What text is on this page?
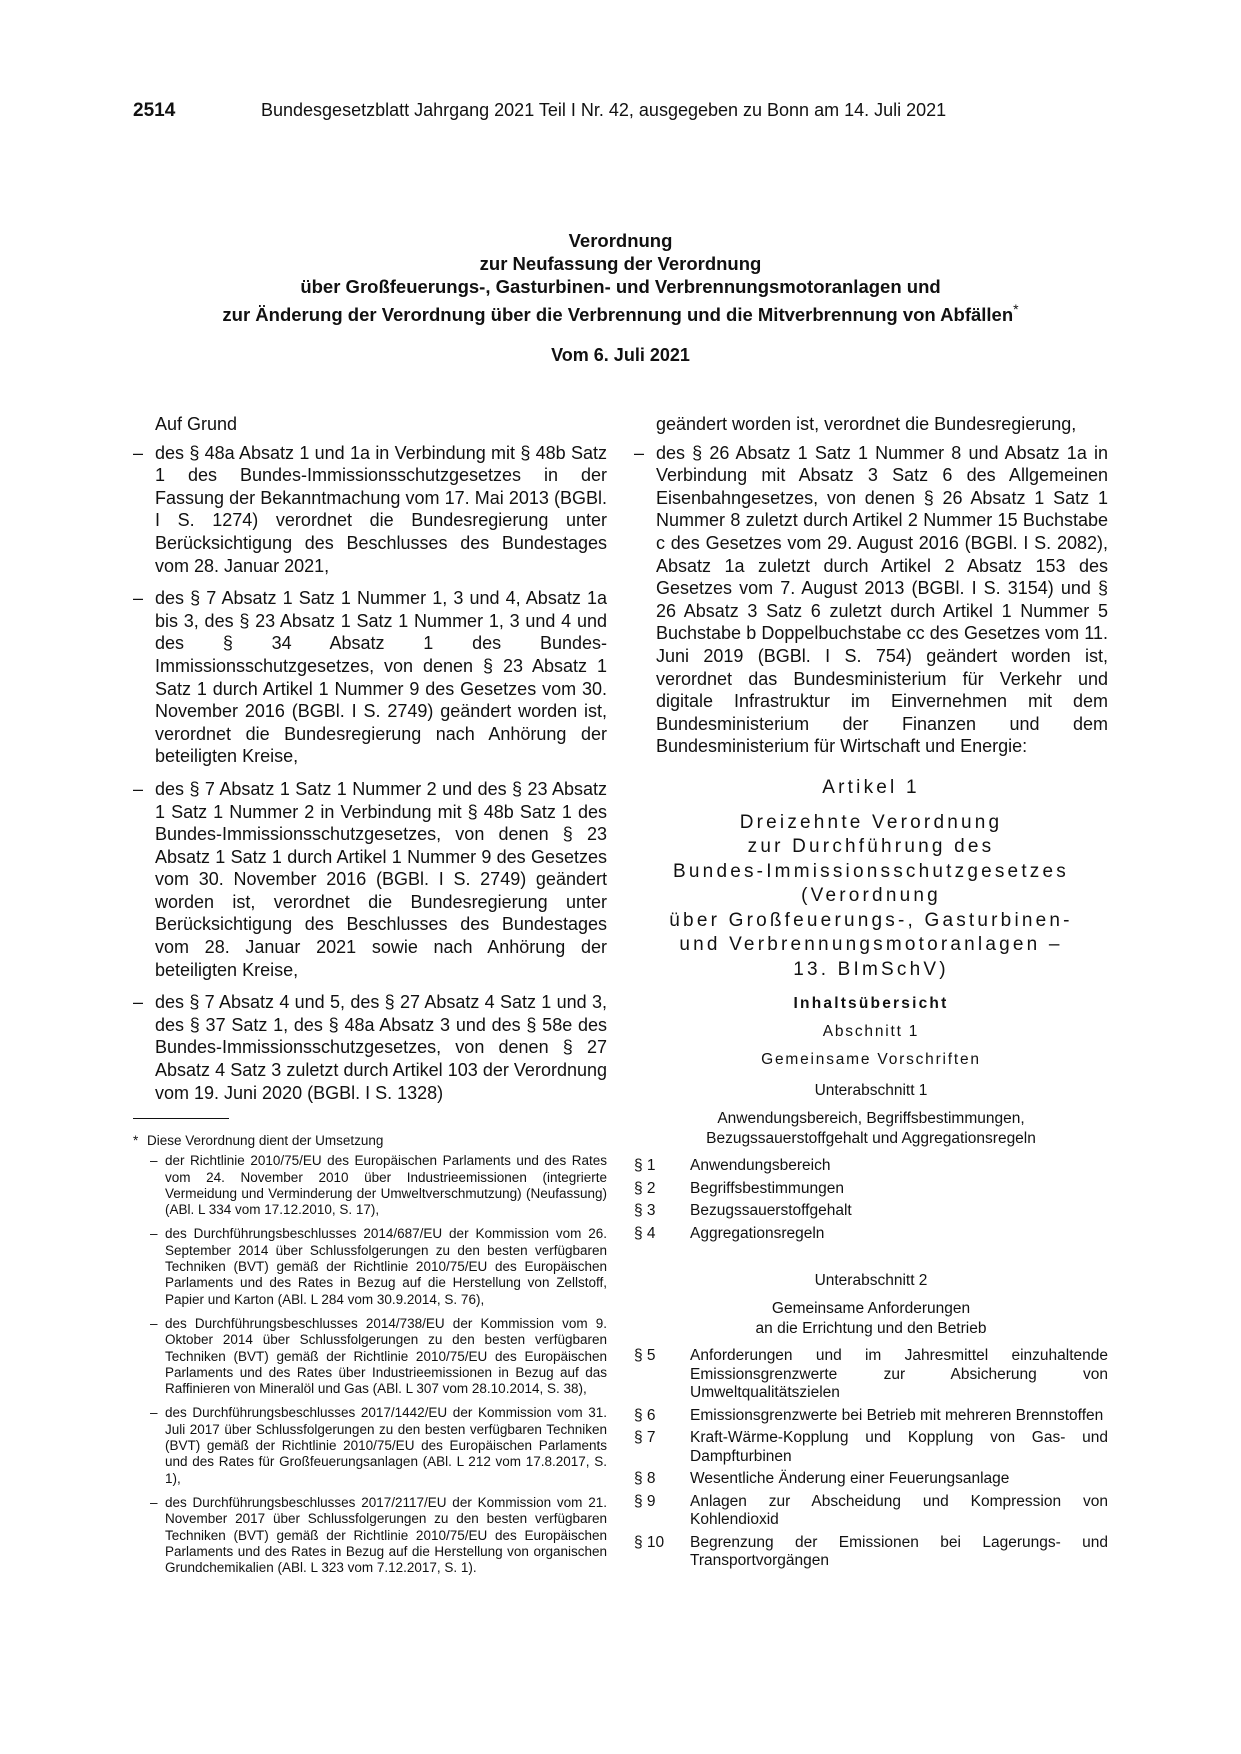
2514	Bundesgesetzblatt Jahrgang 2021 Teil I Nr. 42, ausgegeben zu Bonn am 14. Juli 2021
Verordnung
zur Neufassung der Verordnung
über Großfeuerungs-, Gasturbinen- und Verbrennungsmotoranlagen und
zur Änderung der Verordnung über die Verbrennung und die Mitverbrennung von Abfällen*
Vom 6. Juli 2021
Auf Grund
– des § 48a Absatz 1 und 1a in Verbindung mit § 48b Satz 1 des Bundes-Immissionsschutzgesetzes in der Fassung der Bekanntmachung vom 17. Mai 2013 (BGBl. I S. 1274) verordnet die Bundesregierung unter Berücksichtigung des Beschlusses des Bundestages vom 28. Januar 2021,
– des § 7 Absatz 1 Satz 1 Nummer 1, 3 und 4, Absatz 1a bis 3, des § 23 Absatz 1 Satz 1 Nummer 1, 3 und 4 und des § 34 Absatz 1 des Bundes-Immissionsschutzgesetzes, von denen § 23 Absatz 1 Satz 1 durch Artikel 1 Nummer 9 des Gesetzes vom 30. November 2016 (BGBl. I S. 2749) geändert worden ist, verordnet die Bundesregierung nach Anhörung der beteiligten Kreise,
– des § 7 Absatz 1 Satz 1 Nummer 2 und des § 23 Absatz 1 Satz 1 Nummer 2 in Verbindung mit § 48b Satz 1 des Bundes-Immissionsschutzgesetzes, von denen § 23 Absatz 1 Satz 1 durch Artikel 1 Nummer 9 des Gesetzes vom 30. November 2016 (BGBl. I S. 2749) geändert worden ist, verordnet die Bundesregierung unter Berücksichtigung des Beschlusses des Bundestages vom 28. Januar 2021 sowie nach Anhörung der beteiligten Kreise,
– des § 7 Absatz 4 und 5, des § 27 Absatz 4 Satz 1 und 3, des § 37 Satz 1, des § 48a Absatz 3 und des § 58e des Bundes-Immissionsschutzgesetzes, von denen § 27 Absatz 4 Satz 3 zuletzt durch Artikel 103 der Verordnung vom 19. Juni 2020 (BGBl. I S. 1328)
* Diese Verordnung dient der Umsetzung
– der Richtlinie 2010/75/EU des Europäischen Parlaments und des Rates vom 24. November 2010 über Industrieemissionen (integrierte Vermeidung und Verminderung der Umweltverschmutzung) (Neufassung) (ABl. L 334 vom 17.12.2010, S. 17),
– des Durchführungsbeschlusses 2014/687/EU der Kommission vom 26. September 2014 über Schlussfolgerungen zu den besten verfügbaren Techniken (BVT) gemäß der Richtlinie 2010/75/EU des Europäischen Parlaments und des Rates in Bezug auf die Herstellung von Zellstoff, Papier und Karton (ABl. L 284 vom 30.9.2014, S. 76),
– des Durchführungsbeschlusses 2014/738/EU der Kommission vom 9. Oktober 2014 über Schlussfolgerungen zu den besten verfügbaren Techniken (BVT) gemäß der Richtlinie 2010/75/EU des Europäischen Parlaments und des Rates über Industrieemissionen in Bezug auf das Raffinieren von Mineralöl und Gas (ABl. L 307 vom 28.10.2014, S. 38),
– des Durchführungsbeschlusses 2017/1442/EU der Kommission vom 31. Juli 2017 über Schlussfolgerungen zu den besten verfügbaren Techniken (BVT) gemäß der Richtlinie 2010/75/EU des Europäischen Parlaments und des Rates für Großfeuerungsanlagen (ABl. L 212 vom 17.8.2017, S. 1),
– des Durchführungsbeschlusses 2017/2117/EU der Kommission vom 21. November 2017 über Schlussfolgerungen zu den besten verfügbaren Techniken (BVT) gemäß der Richtlinie 2010/75/EU des Europäischen Parlaments und des Rates in Bezug auf die Herstellung von organischen Grundchemikalien (ABl. L 323 vom 7.12.2017, S. 1).
geändert worden ist, verordnet die Bundesregierung,
– des § 26 Absatz 1 Satz 1 Nummer 8 und Absatz 1a in Verbindung mit Absatz 3 Satz 6 des Allgemeinen Eisenbahngesetzes, von denen § 26 Absatz 1 Satz 1 Nummer 8 zuletzt durch Artikel 2 Nummer 15 Buchstabe c des Gesetzes vom 29. August 2016 (BGBl. I S. 2082), Absatz 1a zuletzt durch Artikel 2 Absatz 153 des Gesetzes vom 7. August 2013 (BGBl. I S. 3154) und § 26 Absatz 3 Satz 6 zuletzt durch Artikel 1 Nummer 5 Buchstabe b Doppelbuchstabe cc des Gesetzes vom 11. Juni 2019 (BGBl. I S. 754) geändert worden ist, verordnet das Bundesministerium für Verkehr und digitale Infrastruktur im Einvernehmen mit dem Bundesministerium der Finanzen und dem Bundesministerium für Wirtschaft und Energie:
Artikel 1
Dreizehnte Verordnung
zur Durchführung des
Bundes-Immissionsschutzgesetzes
(Verordnung
über Großfeuerungs-, Gasturbinen-
und Verbrennungsmotoranlagen –
13. BImSchV)
Inhaltsübersicht
Abschnitt 1
Gemeinsame Vorschriften
Unterabschnitt 1
Anwendungsbereich, Begriffsbestimmungen,
Bezugssauerstoffgehalt und Aggregationsregeln
§ 1	Anwendungsbereich
§ 2	Begriffsbestimmungen
§ 3	Bezugssauerstoffgehalt
§ 4	Aggregationsregeln
Unterabschnitt 2
Gemeinsame Anforderungen
an die Errichtung und den Betrieb
§ 5	Anforderungen und im Jahresmittel einzuhaltende Emissionsgrenzwerte zur Absicherung von Umweltqualitätszielen
§ 6	Emissionsgrenzwerte bei Betrieb mit mehreren Brennstoffen
§ 7	Kraft-Wärme-Kopplung und Kopplung von Gas- und Dampfturbinen
§ 8	Wesentliche Änderung einer Feuerungsanlage
§ 9	Anlagen zur Abscheidung und Kompression von Kohlendioxid
§ 10	Begrenzung der Emissionen bei Lagerungs- und Transportvorgängen
